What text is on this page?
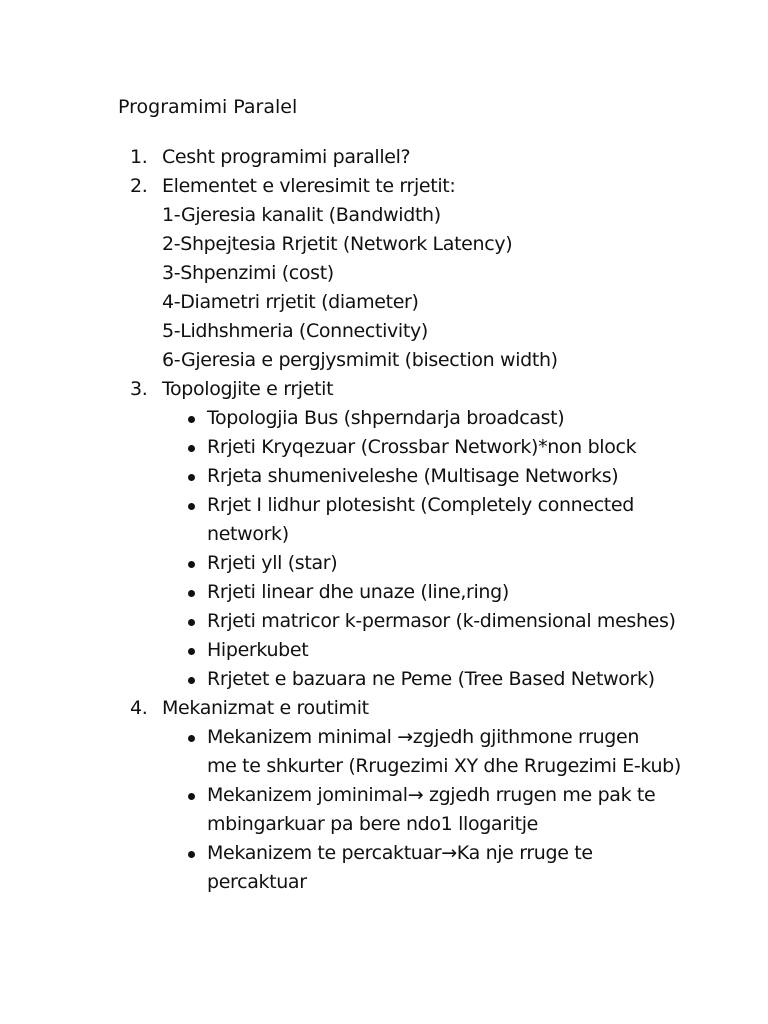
Programimi Paralel
1. Cesht programimi parallel?
2. Elementet e vleresimit te rrjetit:
1-Gjeresia kanalit (Bandwidth)
2-Shpejtesia Rrjetit (Network Latency)
3-Shpenzimi (cost)
4-Diametri rrjetit (diameter)
5-Lidhshmeria (Connectivity)
6-Gjeresia e pergjysmimit (bisection width)
3. Topologjite e rrjetit
Topologjia Bus (shperndarja broadcast)
Rrjeti Kryqezuar (Crossbar Network)*non block
Rrjeta shumeniveleshe (Multisage Networks)
Rrjet I lidhur plotesisht (Completely connected
network)
Rrjeti yll (star)
Rrjeti linear dhe unaze (line,ring)
Rrjeti matricor k-permasor (k-dimensional meshes)
Hiperkubet
Rrjetet e bazuara ne Peme (Tree Based Network)
4. Mekanizmat e routimit
Mekanizem minimal →zgjedh gjithmone rrugen
me te shkurter (Rrugezimi XY dhe Rrugezimi E-kub)
Mekanizem jominimal→ zgjedh rrugen me pak te
mbingarkuar pa bere ndo1 llogaritje
Mekanizem te percaktuar→Ka nje rruge te
percaktuar
